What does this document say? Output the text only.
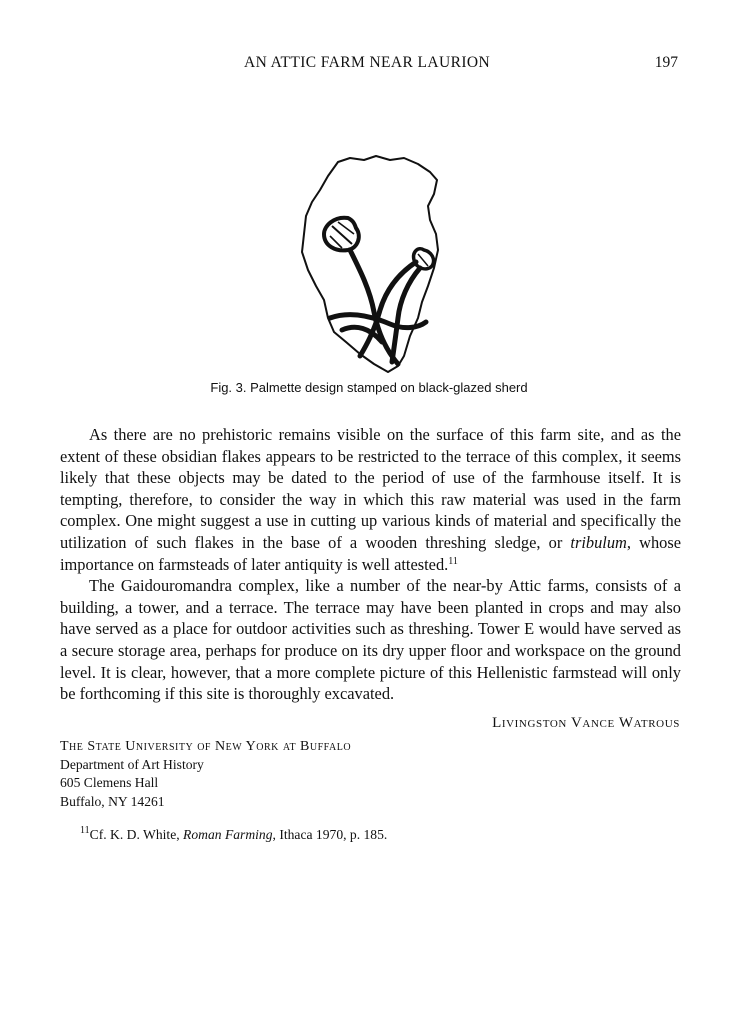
AN ATTIC FARM NEAR LAURION	197
Fig. 3. Palmette design stamped on black-glazed sherd

As there are no prehistoric remains visible on the surface of this farm site, and as the extent of these obsidian flakes appears to be restricted to the terrace of this complex, it seems likely that these objects may be dated to the period of use of the farmhouse itself. It is tempting, therefore, to consider the way in which this raw material was used in the farm complex. One might suggest a use in cutting up various kinds of material and specifically the utilization of such flakes in the base of a wooden threshing sledge, or tribulum, whose importance on farmsteads of later antiquity is well attested.$^{11}$

The Gaidouromandra complex, like a number of the near-by Attic farms, consists of a building, a tower, and a terrace. The terrace may have been planted in crops and may also have served as a place for outdoor activities such as threshing. Tower E would have served as a secure storage area, perhaps for produce on its dry upper floor and workspace on the ground level. It is clear, however, that a more complete picture of this Hellenistic farmstead will only be forthcoming if this site is thoroughly excavated.

Livingston Vance Watrous
The State University of New York at Buffalo
Department of Art History
605 Clemens Hall
Buffalo, NY 14261
$^{11}$Cf. K. D. White, Roman Farming, Ithaca 1970, p. 185.
